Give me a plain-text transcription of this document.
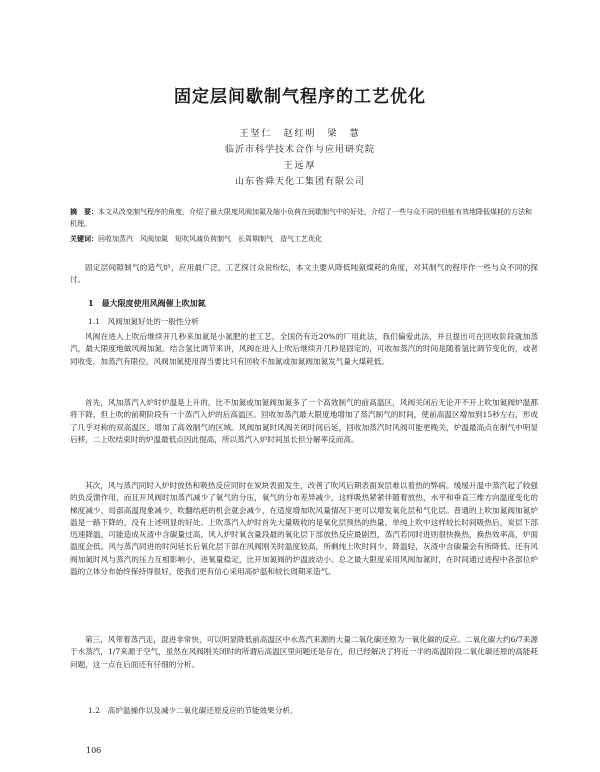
固定层间歇制气程序的工艺优化
王坚仁　赵红明　梁　慧
临沂市科学技术合作与应用研究院
王远厚
山东省舜天化工集团有限公司
摘　要：本文从改变制气程序的角度，介绍了最大限度风阀加氮及缩小负荷在间歇制气中的好处，介绍了一些与众不同的但能有效地降低煤耗的方法和机理。
关键词：回收加蒸汽　风阀加氮　短吹风减负荷制气　长周期制气　造气工艺优化

固定层间隙制气的造气炉，应用最广泛，工艺探讨众说纷纭，本文主要从降低吨氨煤耗的角度，对其制气的程序作一些与众不同的探讨。

1　最大限度使用风阀催上吹加氮
1.1　风阀加氮好处的一般性分析

风阀在进入上吹后继续开几秒来加氮是小氮肥的老工艺，全国仍有近20%的厂用此法，我们偏爱此法，并且提出可在回收阶段就加蒸汽，最大限度地做风阀加氮。结合氢比调节来讲，风阀在进入上吹后继续开几秒是固定的，可收加蒸汽的时间是随着氢比调节变化的，或者同收变，加蒸汽有限位。风阀加氮使用得当要比只有回收不加氮或加氮阀加氮发气量大煤耗低。

首先，风加蒸汽入炉时炉温是上升的，比不加氮或加氮阀加氮多了一个高效制气的前高温区，风阀关闭后无论开不开上吹加氮阀炉温都将下降，但上吹的前期阶段有一个蒸汽入炉的后高温区。回收加蒸汽最大限度地增加了蒸汽制气的时间，使前高温区增加到15秒左右，形成了几乎对称的双高温区，增加了高效制气的区域。风阀加氮时风阀关闭时间后延，回收加蒸汽时风阀可能更晚关，炉温最高点在制气中明显后移，二上吹结束时的炉温最低点因此提高，所以蒸汽入炉时间虽长但分解率反而高。

其次，风与蒸汽同时入炉时放热和吸热反应同时在炭块表面发生，改善了吹风后期表面炭层难以着热的弊病。缓缓升温中蒸汽起了较强的负反馈作用，而且开风阀时加蒸汽减少了氧气的分压，氧气的分布差异减少，这样吸热紧紧伴随着放热，水平和垂直三维方向温度变化的梯度减少，局部高温现象减少，吹翻结疤的机会就会减少，在适度增加吹风量情况下更可以增发氧化层和气化层。普通的上吹加氮阀加氮炉温是一路下降的，没有上述明显的好处。上吹蒸汽入炉时首先大量吸收的是氧化层预热的热量，单纯上吹中这样较长时间吸热后，炭层下部迅速降温，可能造成灰渣中含碳量过高。风入炉时氧含量段最的氧化层下部放热反应最剧烈，蒸汽若同时进则很快换热，换热效率高，炉面温度会低。风与蒸汽同进的时间延长后氧化层下部在风阀刚关时温度较高，所剩纯上吹时间少，降温轻，灰渣中含碳量会有所降低。还有风阀加氮时风与蒸汽的压力互相影响小，进氧量稳定，比开加氮阀的炉温波动小。总之最大限度采用风阀加氮时，在时间通过进程中各部位炉温的立体分布始终保持得很好，使我们更有信心采用高炉温和较长周期来造气。

第三，风带着蒸汽走，混进非常快，可以明显降低前高温区中水蒸汽来源的大量二氧化碳还原为一氧化碳的反应。二氧化碳大约6/7来源于水蒸汽，1/7来源于空气，虽然在风阀刚关闭时的所谓后高温区里问题还是存在，但已经解决了将近一半的高温阶段二氧化碳还原的高能耗问题，这一点在后面还有仔细的分析。

1.2　高炉温操作以及减少二氧化碳还原反应的节能效果分析。
106
